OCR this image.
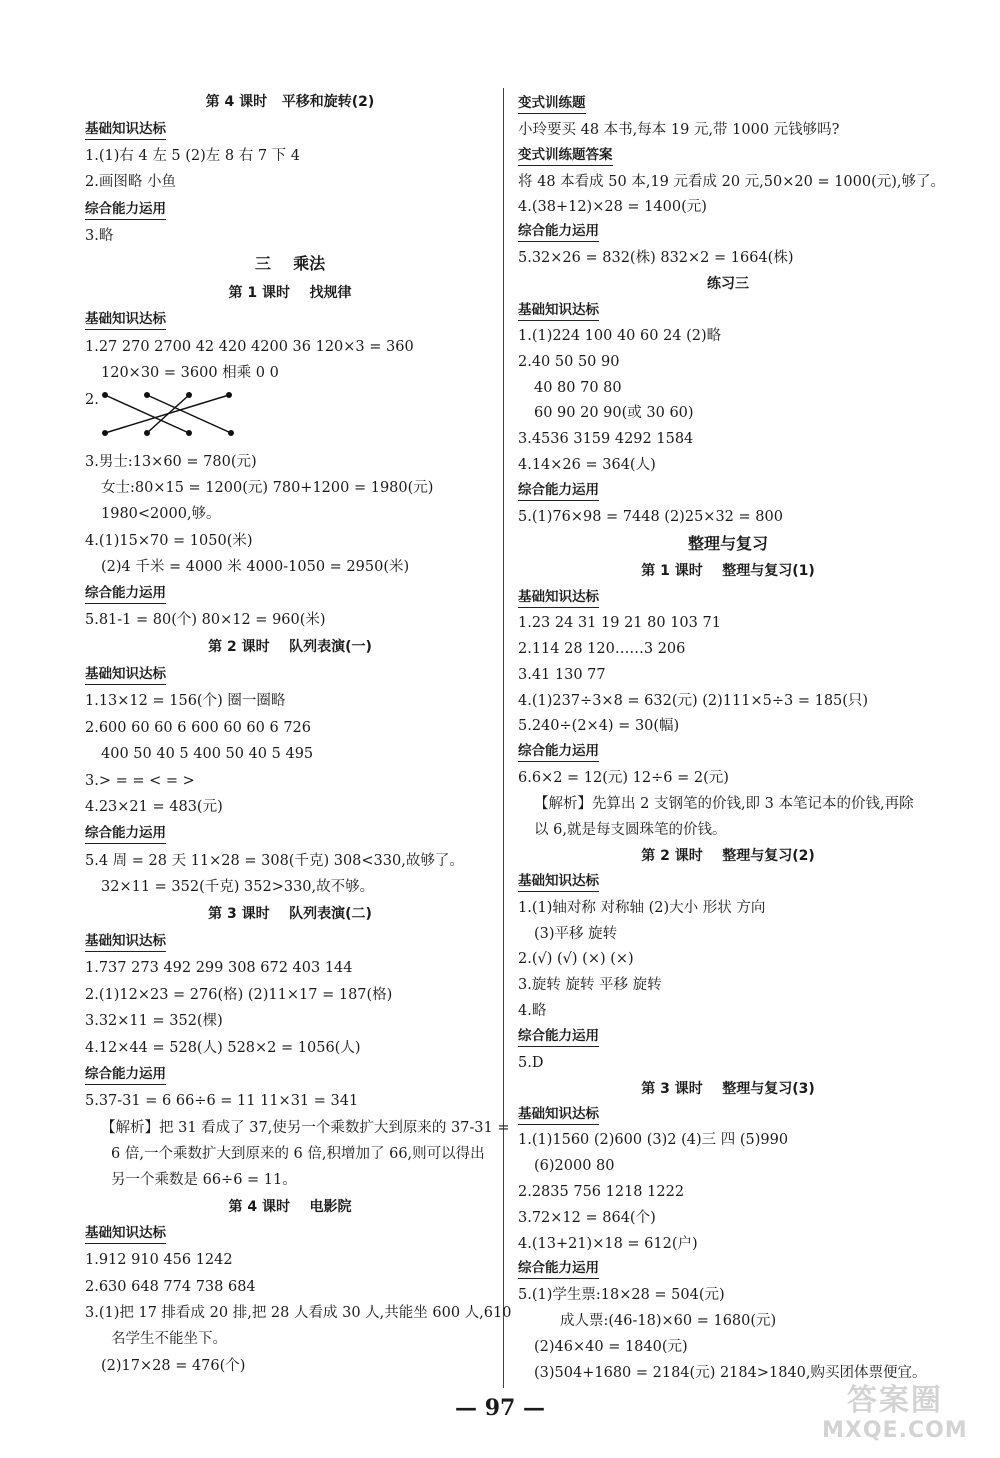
第 4 课时   平移和旋转(2)
基础知识达标
1.(1)右 4 左 5 (2)左 8 右 7 下 4
2.画图略 小鱼
综合能力运用
3.略
三    乘法
第 1 课时    找规律
基础知识达标
1.27 270 2700 42 420 4200 36 120×3 = 360
120×30 = 3600 相乘 0 0
2.
3.男士:13×60 = 780(元)
女士:80×15 = 1200(元) 780+1200 = 1980(元)
1980<2000,够。
4.(1)15×70 = 1050(米)
(2)4 千米 = 4000 米 4000-1050 = 2950(米)
综合能力运用
5.81-1 = 80(个) 80×12 = 960(米)
第 2 课时    队列表演(一)
基础知识达标
1.13×12 = 156(个) 圈一圈略
2.600 60 60 6 600 60 60 6 726
400 50 40 5 400 50 40 5 495
3.> = = < = >
4.23×21 = 483(元)
综合能力运用
5.4 周 = 28 天 11×28 = 308(千克) 308<330,故够了。
32×11 = 352(千克) 352>330,故不够。
第 3 课时    队列表演(二)
基础知识达标
1.737 273 492 299 308 672 403 144
2.(1)12×23 = 276(格) (2)11×17 = 187(格)
3.32×11 = 352(棵)
4.12×44 = 528(人) 528×2 = 1056(人)
综合能力运用
5.37-31 = 6 66÷6 = 11 11×31 = 341
【解析】把 31 看成了 37,使另一个乘数扩大到原来的 37-31 =
6 倍,一个乘数扩大到原来的 6 倍,积增加了 66,则可以得出
另一个乘数是 66÷6 = 11。
第 4 课时    电影院
基础知识达标
1.912 910 456 1242
2.630 648 774 738 684
3.(1)把 17 排看成 20 排,把 28 人看成 30 人,共能坐 600 人,610
名学生不能坐下。
(2)17×28 = 476(个)
变式训练题
小玲要买 48 本书,每本 19 元,带 1000 元钱够吗?
变式训练题答案
将 48 本看成 50 本,19 元看成 20 元,50×20 = 1000(元),够了。
4.(38+12)×28 = 1400(元)
综合能力运用
5.32×26 = 832(株) 832×2 = 1664(株)
练习三
基础知识达标
1.(1)224 100 40 60 24 (2)略
2.40 50 50 90
40 80 70 80
60 90 20 90(或 30 60)
3.4536 3159 4292 1584
4.14×26 = 364(人)
综合能力运用
5.(1)76×98 = 7448 (2)25×32 = 800
整理与复习
第 1 课时    整理与复习(1)
基础知识达标
1.23 24 31 19 21 80 103 71
2.114 28 120……3 206
3.41 130 77
4.(1)237÷3×8 = 632(元) (2)111×5÷3 = 185(只)
5.240÷(2×4) = 30(幅)
综合能力运用
6.6×2 = 12(元) 12÷6 = 2(元)
【解析】先算出 2 支钢笔的价钱,即 3 本笔记本的价钱,再除
以 6,就是每支圆珠笔的价钱。
第 2 课时    整理与复习(2)
基础知识达标
1.(1)轴对称 对称轴 (2)大小 形状 方向
(3)平移 旋转
2.(√) (√) (×) (×)
3.旋转 旋转 平移 旋转
4.略
综合能力运用
5.D
第 3 课时    整理与复习(3)
基础知识达标
1.(1)1560 (2)600 (3)2 (4)三 四 (5)990
(6)2000 80
2.2835 756 1218 1222
3.72×12 = 864(个)
4.(13+21)×18 = 612(户)
综合能力运用
5.(1)学生票:18×28 = 504(元)
成人票:(46-18)×60 = 1680(元)
(2)46×40 = 1840(元)
(3)504+1680 = 2184(元) 2184>1840,购买团体票便宜。
— 97 —	答案圈
MXQE.COM
